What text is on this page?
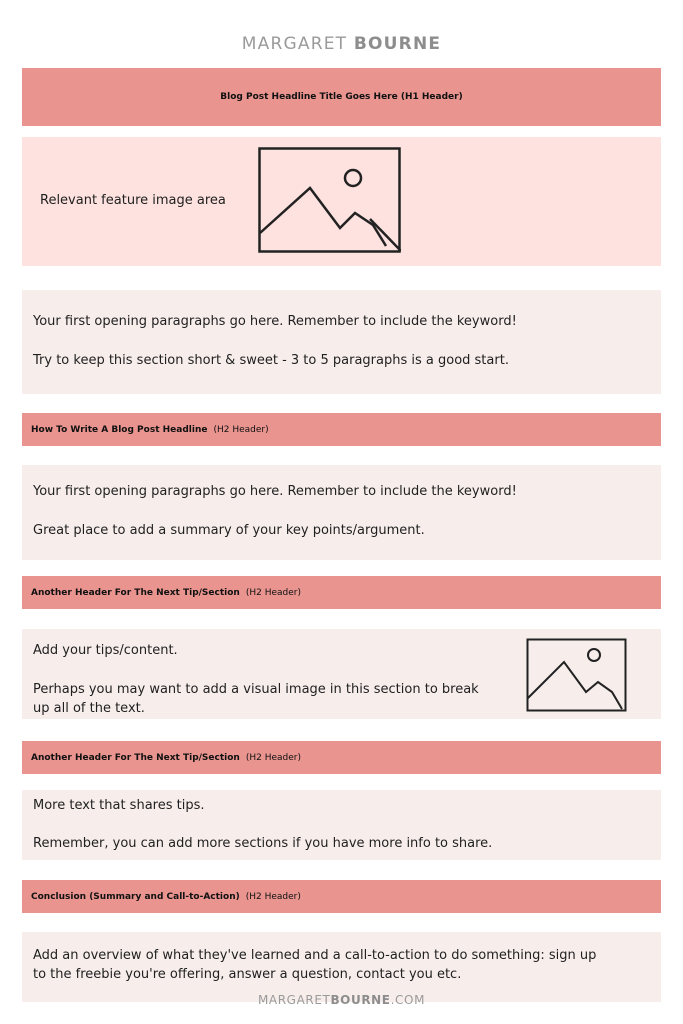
MARGARET BOURNE
Blog Post Headline Title Goes Here (H1 Header)
Relevant feature image area

Your first opening paragraphs go here. Remember to include the keyword!

Try to keep this section short & sweet - 3 to 5 paragraphs is a good start.

How To Write A Blog Post Headline (H2 Header)

Your first opening paragraphs go here. Remember to include the keyword!

Great place to add a summary of your key points/argument.

Another Header For The Next Tip/Section (H2 Header)

Add your tips/content.

Perhaps you may want to add a visual image in this section to break

up all of the text.

Another Header For The Next Tip/Section (H2 Header)

More text that shares tips.

Remember, you can add more sections if you have more info to share.

Conclusion (Summary and Call-to-Action) (H2 Header)

Add an overview of what they've learned and a call-to-action to do something: sign up

to the freebie you're offering, answer a question, contact you etc.

MARGARETBOURNE.COM
